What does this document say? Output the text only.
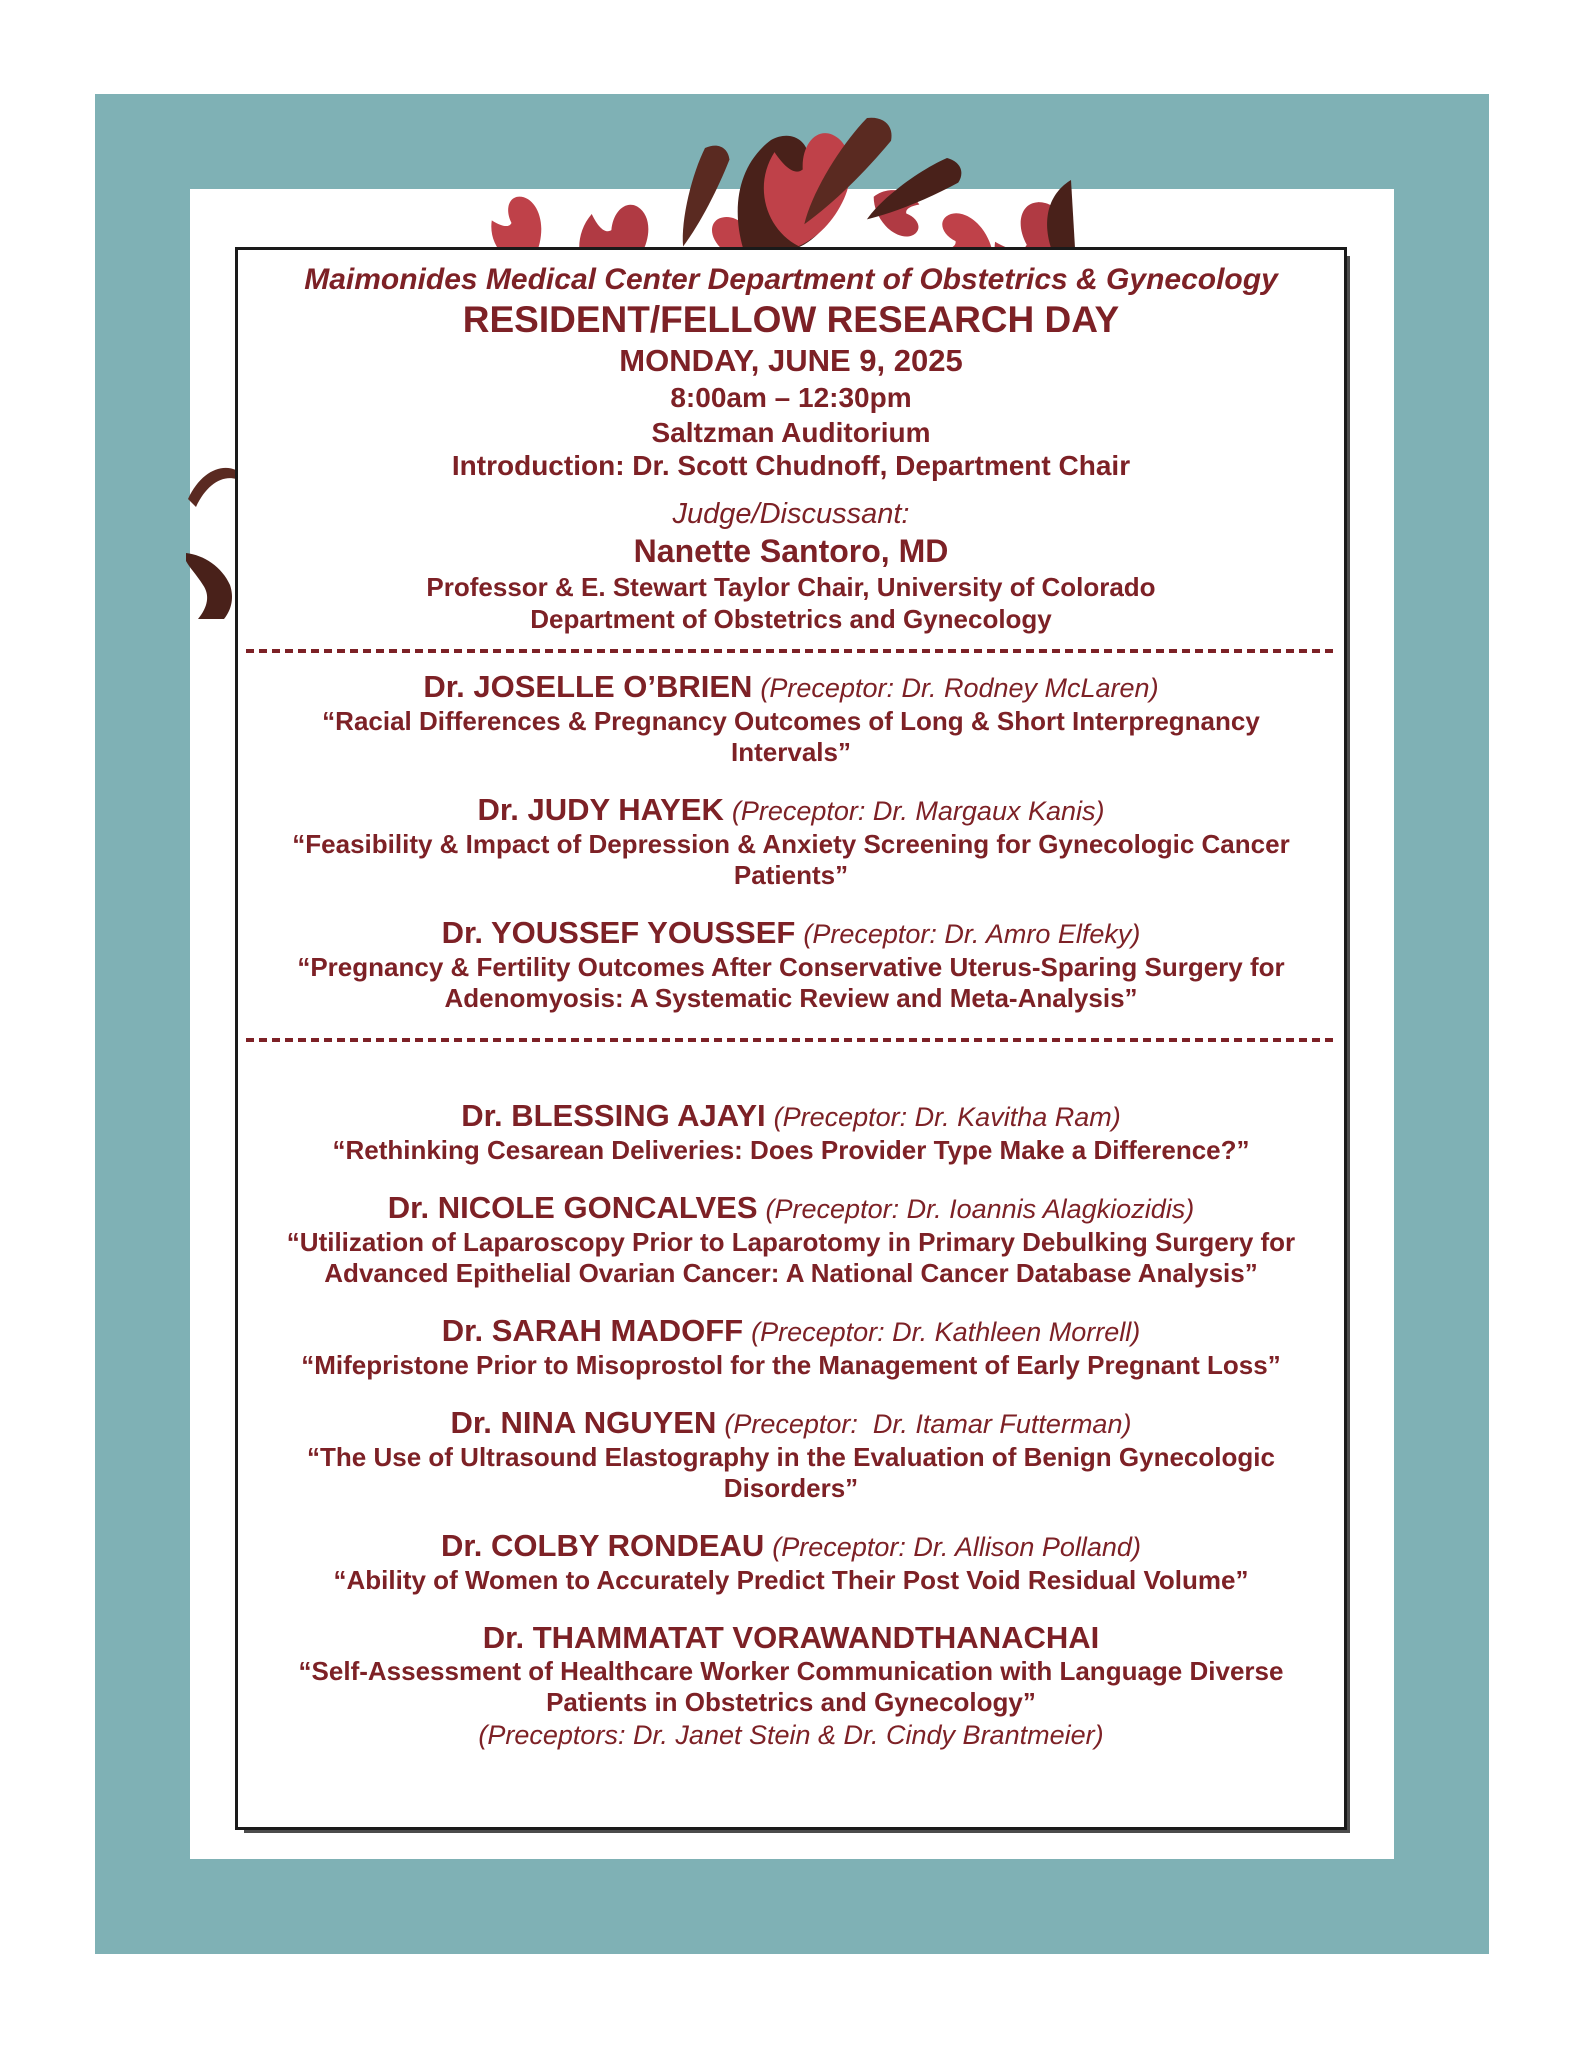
Maimonides Medical Center Department of Obstetrics & Gynecology

RESIDENT/FELLOW RESEARCH DAY

MONDAY, JUNE 9, 2025

8:00am – 12:30pm

Saltzman Auditorium

Introduction: Dr. Scott Chudnoff, Department Chair

Judge/Discussant:

Nanette Santoro, MD

Professor & E. Stewart Taylor Chair, University of Colorado

Department of Obstetrics and Gynecology

Dr. JOSELLE O’BRIEN (Preceptor: Dr. Rodney McLaren)

“Racial Differences & Pregnancy Outcomes of Long & Short Interpregnancy Intervals”

Dr. JUDY HAYEK (Preceptor: Dr. Margaux Kanis)

“Feasibility & Impact of Depression & Anxiety Screening for Gynecologic Cancer Patients”

Dr. YOUSSEF YOUSSEF (Preceptor: Dr. Amro Elfeky)

“Pregnancy & Fertility Outcomes After Conservative Uterus-Sparing Surgery for Adenomyosis: A Systematic Review and Meta-Analysis”

Dr. BLESSING AJAYI (Preceptor: Dr. Kavitha Ram)

“Rethinking Cesarean Deliveries: Does Provider Type Make a Difference?”

Dr. NICOLE GONCALVES (Preceptor: Dr. Ioannis Alagkiozidis)

“Utilization of Laparoscopy Prior to Laparotomy in Primary Debulking Surgery for Advanced Epithelial Ovarian Cancer: A National Cancer Database Analysis”

Dr. SARAH MADOFF (Preceptor: Dr. Kathleen Morrell)

“Mifepristone Prior to Misoprostol for the Management of Early Pregnant Loss”

Dr. NINA NGUYEN (Preceptor:  Dr. Itamar Futterman)

“The Use of Ultrasound Elastography in the Evaluation of Benign Gynecologic Disorders”

Dr. COLBY RONDEAU (Preceptor: Dr. Allison Polland)

“Ability of Women to Accurately Predict Their Post Void Residual Volume”

Dr. THAMMATAT VORAWANDTHANACHAI

“Self-Assessment of Healthcare Worker Communication with Language Diverse Patients in Obstetrics and Gynecology”

(Preceptors: Dr. Janet Stein & Dr. Cindy Brantmeier)
